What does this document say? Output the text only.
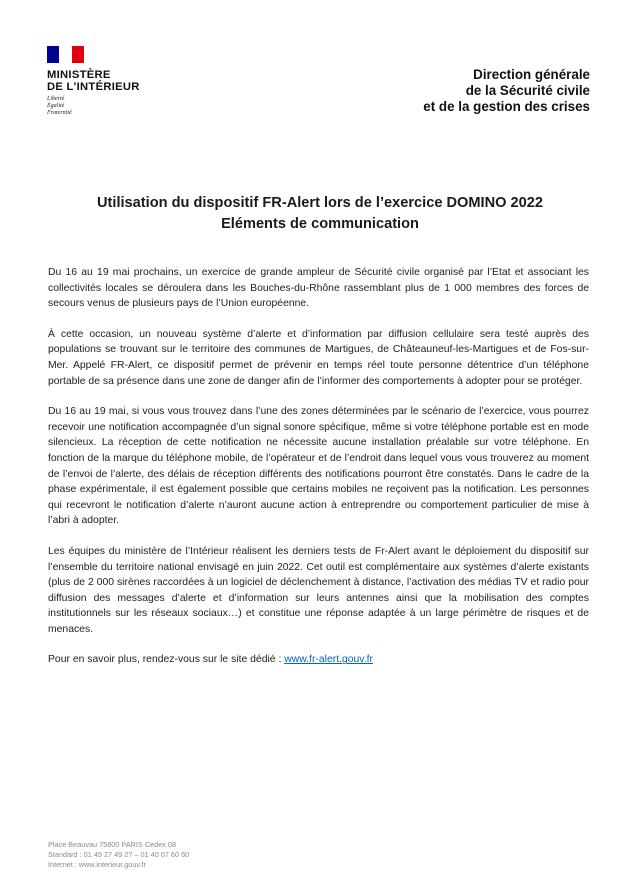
MINISTÈRE
DE L'INTÉRIEUR
Liberté
Égalité
Fraternité
Direction générale
de la Sécurité civile
et de la gestion des crises
Utilisation du dispositif FR-Alert lors de l’exercice DOMINO 2022
Eléments de communication

Du 16 au 19 mai prochains, un exercice de grande ampleur de Sécurité civile organisé par l’Etat et associant les collectivités locales se déroulera dans les Bouches-du-Rhône rassemblant plus de 1 000 membres des forces de secours venus de plusieurs pays de l’Union européenne.

À cette occasion, un nouveau système d’alerte et d’information par diffusion cellulaire sera testé auprès des populations se trouvant sur le territoire des communes de Martigues, de Châteauneuf-les-Martigues et de Fos-sur-Mer. Appelé FR-Alert, ce dispositif permet de prévenir en temps réel toute personne détentrice d’un téléphone portable de sa présence dans une zone de danger afin de l’informer des comportements à adopter pour se protéger.

Du 16 au 19 mai, si vous vous trouvez dans l’une des zones déterminées par le scénario de l’exercice, vous pourrez recevoir une notification accompagnée d’un signal sonore spécifique, même si votre téléphone portable est en mode silencieux. La réception de cette notification ne nécessite aucune installation préalable sur votre téléphone. En fonction de la marque du téléphone mobile, de l’opérateur et de l’endroit dans lequel vous vous trouverez au moment de l’envoi de l’alerte, des délais de réception différents des notifications pourront être constatés. Dans le cadre de la phase expérimentale, il est également possible que certains mobiles ne reçoivent pas la notification. Les personnes qui recevront le notification d’alerte n’auront aucune action à entreprendre ou comportement particulier de mise à l’abri à adopter.

Les équipes du ministère de l’Intérieur réalisent les derniers tests de Fr-Alert avant le déploiement du dispositif sur l’ensemble du territoire national envisagé en juin 2022. Cet outil est complémentaire aux systèmes d’alerte existants (plus de 2 000 sirènes raccordées à un logiciel de déclenchement à distance, l’activation des médias TV et radio pour diffusion des messages d’alerte et d’information sur leurs antennes ainsi que la mobilisation des comptes institutionnels sur les réseaux sociaux…) et constitue une réponse adaptée à un large périmètre de risques et de menaces.

Pour en savoir plus, rendez-vous sur le site dédié : www.fr-alert.gouv.fr

Place Beauvau 75800 PARIS Cedex 08
Standard : 01 49 27 49 27 – 01 40 07 60 60
Internet : www.interieur.gouv.fr
